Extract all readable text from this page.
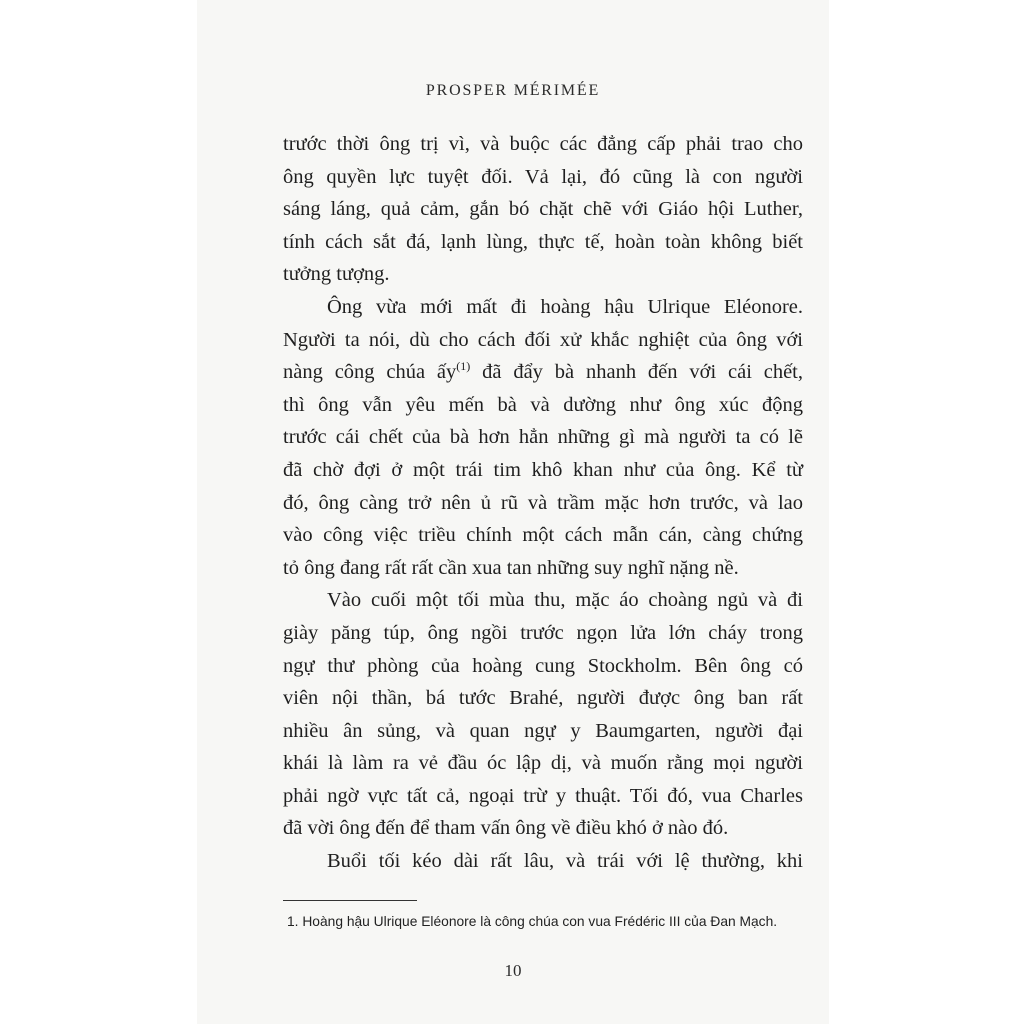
PROSPER MÉRIMÉE
trước thời ông trị vì, và buộc các đẳng cấp phải trao cho
ông quyền lực tuyệt đối. Vả lại, đó cũng là con người
sáng láng, quả cảm, gắn bó chặt chẽ với Giáo hội Luther,
tính cách sắt đá, lạnh lùng, thực tế, hoàn toàn không biết
tưởng tượng.
Ông vừa mới mất đi hoàng hậu Ulrique Eléonore.
Người ta nói, dù cho cách đối xử khắc nghiệt của ông với
nàng công chúa ấy$^{(1)}$ đã đẩy bà nhanh đến với cái chết,
thì ông vẫn yêu mến bà và dường như ông xúc động
trước cái chết của bà hơn hẳn những gì mà người ta có lẽ
đã chờ đợi ở một trái tim khô khan như của ông. Kể từ
đó, ông càng trở nên ủ rũ và trầm mặc hơn trước, và lao
vào công việc triều chính một cách mẫn cán, càng chứng
tỏ ông đang rất rất cần xua tan những suy nghĩ nặng nề.
Vào cuối một tối mùa thu, mặc áo choàng ngủ và đi
giày păng túp, ông ngồi trước ngọn lửa lớn cháy trong
ngự thư phòng của hoàng cung Stockholm. Bên ông có
viên nội thần, bá tước Brahé, người được ông ban rất
nhiều ân sủng, và quan ngự y Baumgarten, người đại
khái là làm ra vẻ đầu óc lập dị, và muốn rằng mọi người
phải ngờ vực tất cả, ngoại trừ y thuật. Tối đó, vua Charles
đã vời ông đến để tham vấn ông về điều khó ở nào đó.
Buổi tối kéo dài rất lâu, và trái với lệ thường, khi
1. Hoàng hậu Ulrique Eléonore là công chúa con vua Frédéric III của Đan Mạch.
10
